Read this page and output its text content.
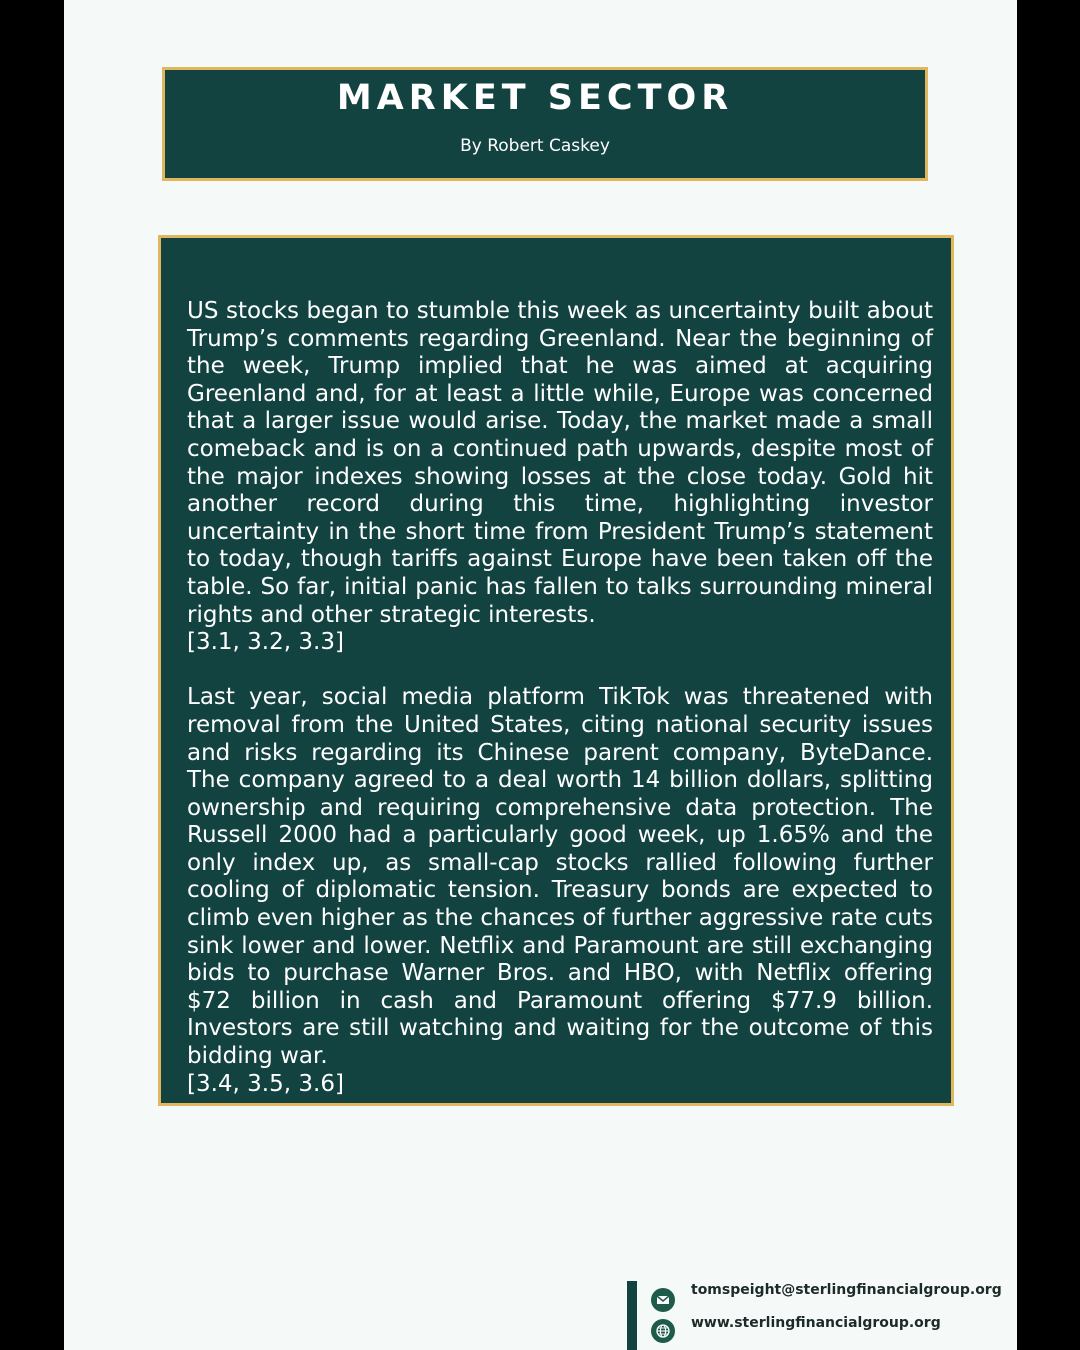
MARKET SECTOR

By Robert Caskey

US stocks began to stumble this week as uncertainty built about Trump’s comments regarding Greenland. Near the beginning of the week, Trump implied that he was aimed at acquiring Greenland and, for at least a little while, Europe was concerned that a larger issue would arise. Today, the market made a small comeback and is on a continued path upwards, despite most of the major indexes showing losses at the close today. Gold hit another record during this time, highlighting investor uncertainty in the short time from President Trump’s statement to today, though tariffs against Europe have been taken off the table. So far, initial panic has fallen to talks surrounding mineral rights and other strategic interests.

[3.1, 3.2, 3.3]

Last year, social media platform TikTok was threatened with removal from the United States, citing national security issues and risks regarding its Chinese parent company, ByteDance. The company agreed to a deal worth 14 billion dollars, splitting ownership and requiring comprehensive data protection. The Russell 2000 had a particularly good week, up 1.65% and the only index up, as small-cap stocks rallied following further cooling of diplomatic tension. Treasury bonds are expected to climb even higher as the chances of further aggressive rate cuts sink lower and lower. Netflix and Paramount are still exchanging bids to purchase Warner Bros. and HBO, with Netflix offering $72 billion in cash and Paramount offering $77.9 billion. Investors are still watching and waiting for the outcome of this bidding war.

[3.4, 3.5, 3.6]

tomspeight@sterlingfinancialgroup.org

www.sterlingfinancialgroup.org
